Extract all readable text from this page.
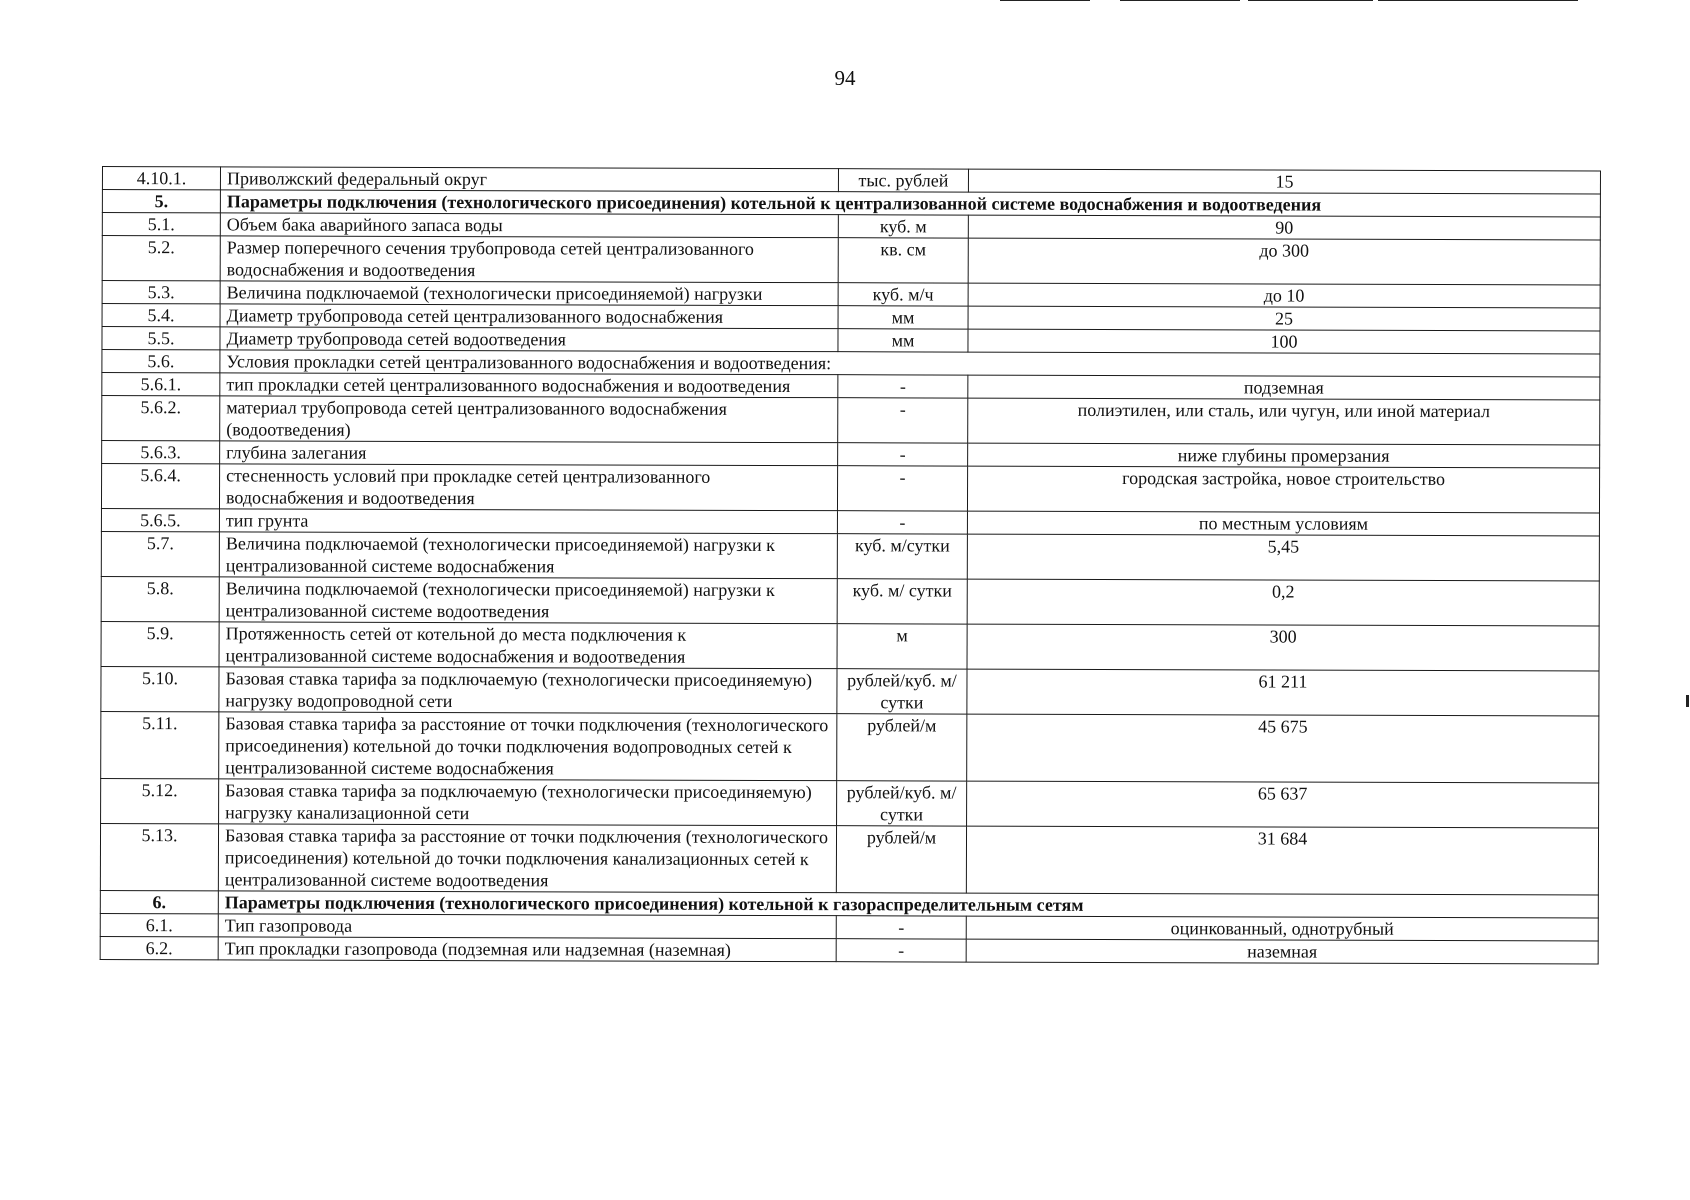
94
4.10.1.	Приволжский федеральный округ	тыс. рублей	15
5.	Параметры подключения (технологического присоединения) котельной к централизованной системе водоснабжения и водоотведения		
5.1.	Объем бака аварийного запаса воды	куб. м	90
5.2.	Размер поперечного сечения трубопровода сетей централизованного водоснабжения и водоотведения	кв. см	до 300
5.3.	Величина подключаемой (технологически присоединяемой) нагрузки	куб. м/ч	до 10
5.4.	Диаметр трубопровода сетей централизованного водоснабжения	мм	25
5.5.	Диаметр трубопровода сетей водоотведения	мм	100
5.6.	Условия прокладки сетей централизованного водоснабжения и водоотведения:		
5.6.1.	тип прокладки сетей централизованного водоснабжения и водоотведения	-	подземная
5.6.2.	материал трубопровода сетей централизованного водоснабжения (водоотведения)	-	полиэтилен, или сталь, или чугун, или иной материал
5.6.3.	глубина залегания	-	ниже глубины промерзания
5.6.4.	стесненность условий при прокладке сетей централизованного водоснабжения и водоотведения	-	городская застройка, новое строительство
5.6.5.	тип грунта	-	по местным условиям
5.7.	Величина подключаемой (технологически присоединяемой) нагрузки к централизованной системе водоснабжения	куб. м/сутки	5,45
5.8.	Величина подключаемой (технологически присоединяемой) нагрузки к централизованной системе водоотведения	куб. м/ сутки	0,2
5.9.	Протяженность сетей от котельной до места подключения к централизованной системе водоснабжения и водоотведения	м	300
5.10.	Базовая ставка тарифа за подключаемую (технологически присоединяемую) нагрузку водопроводной сети	рублей/куб. м/сутки	61 211
5.11.	Базовая ставка тарифа за расстояние от точки подключения (технологического присоединения) котельной до точки подключения водопроводных сетей к централизованной системе водоснабжения	рублей/м	45 675
5.12.	Базовая ставка тарифа за подключаемую (технологически присоединяемую) нагрузку канализационной сети	рублей/куб. м/сутки	65 637
5.13.	Базовая ставка тарифа за расстояние от точки подключения (технологического присоединения) котельной до точки подключения канализационных сетей к централизованной системе водоотведения	рублей/м	31 684
6.	Параметры подключения (технологического присоединения) котельной к газораспределительным сетям		
6.1.	Тип газопровода	-	оцинкованный, однотрубный
6.2.	Тип прокладки газопровода (подземная или надземная (наземная)	-	наземная
